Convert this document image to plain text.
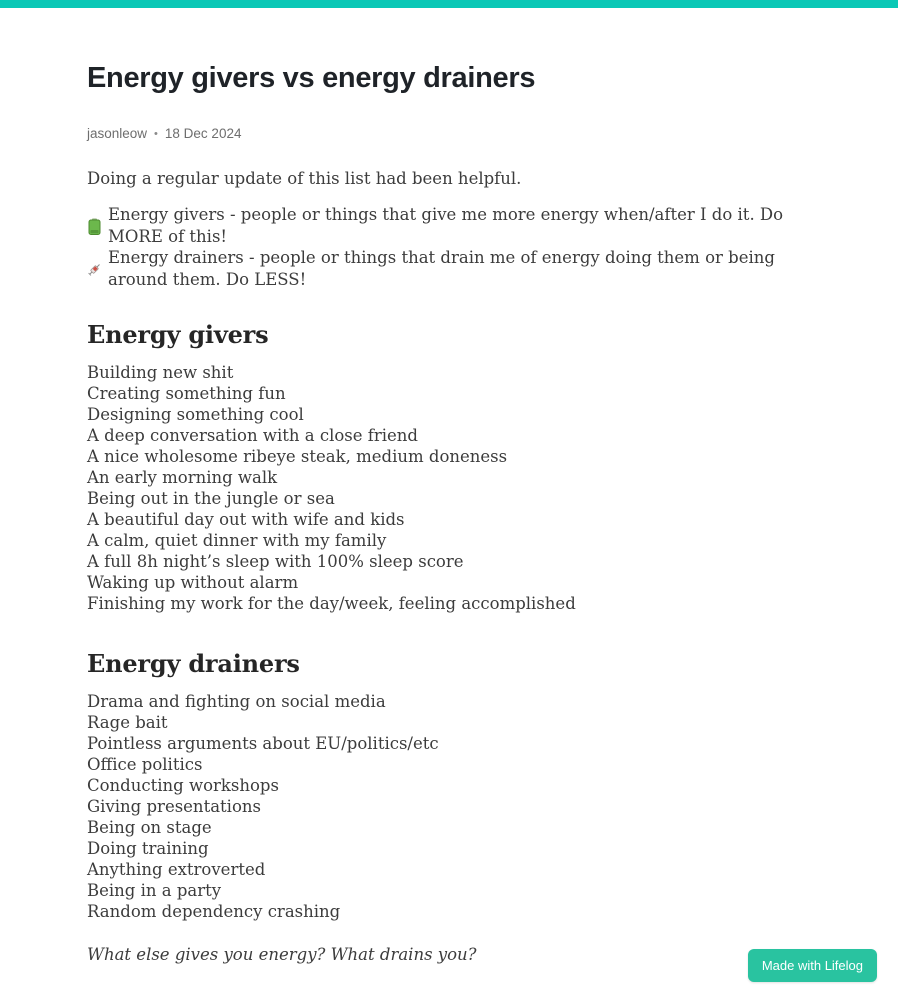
Energy givers vs energy drainers
jasonleow • 18 Dec 2024

Doing a regular update of this list had been helpful.

Energy givers - people or things that give me more energy when/after I do it. Do MORE of this!
Energy drainers - people or things that drain me of energy doing them or being around them. Do LESS!
Energy givers
Building new shit
Creating something fun
Designing something cool
A deep conversation with a close friend
A nice wholesome ribeye steak, medium doneness
An early morning walk
Being out in the jungle or sea
A beautiful day out with wife and kids
A calm, quiet dinner with my family
A full 8h night’s sleep with 100% sleep score
Waking up without alarm
Finishing my work for the day/week, feeling accomplished
Energy drainers
Drama and fighting on social media
Rage bait
Pointless arguments about EU/politics/etc
Office politics
Conducting workshops
Giving presentations
Being on stage
Doing training
Anything extroverted
Being in a party
Random dependency crashing

What else gives you energy? What drains you?

Made with Lifelog
